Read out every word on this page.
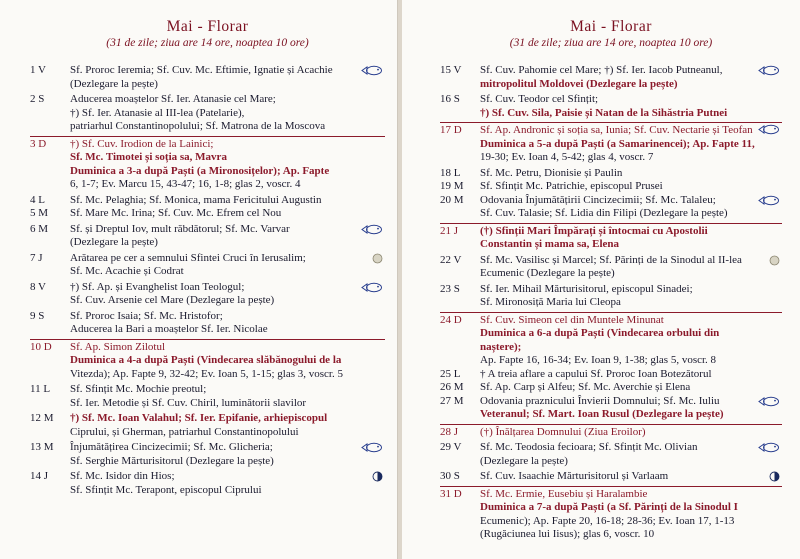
Mai - Florar
(31 de zile; ziua are 14 ore, noaptea 10 ore)
1 V	Sf. Proroc Ieremia; Sf. Cuv. Mc. Eftimie, Ignatie și Acachie
(Dezlegare la pește)
2 S	Aducerea moaștelor Sf. Ier. Atanasie cel Mare;
†) Sf. Ier. Atanasie al III-lea (Patelarie),
patriarhul Constantinopolului; Sf. Matrona de la Moscova
3 D	†) Sf. Cuv. Irodion de la Lainici;
Sf. Mc. Timotei și soția sa, Mavra
Duminica a 3-a după Paști (a Mironosițelor); Ap. Fapte
6, 1-7; Ev. Marcu 15, 43-47; 16, 1-8; glas 2, voscr. 4
4 L	Sf. Mc. Pelaghia; Sf. Monica, mama Fericitului Augustin
5 M	Sf. Mare Mc. Irina; Sf. Cuv. Mc. Efrem cel Nou
6 M	Sf. și Dreptul Iov, mult răbdătorul; Sf. Mc. Varvar
(Dezlegare la pește)
7 J	Arătarea pe cer a semnului Sfintei Cruci în Ierusalim;
Sf. Mc. Acachie și Codrat
8 V	†) Sf. Ap. și Evanghelist Ioan Teologul;
Sf. Cuv. Arsenie cel Mare (Dezlegare la pește)
9 S	Sf. Proroc Isaia; Sf. Mc. Hristofor;
Aducerea la Bari a moaștelor Sf. Ier. Nicolae
10 D	Sf. Ap. Simon Zilotul
Duminica a 4-a după Paști (Vindecarea slăbănogului de la
Vitezda); Ap. Fapte 9, 32-42; Ev. Ioan 5, 1-15; glas 3, voscr. 5
11 L	Sf. Sfințit Mc. Mochie preotul;
Sf. Ier. Metodie și Sf. Cuv. Chiril, luminătorii slavilor
12 M	†) Sf. Mc. Ioan Valahul; Sf. Ier. Epifanie, arhiepiscopul
Ciprului, și Gherman, patriarhul Constantinopolului
13 M	Înjumătățirea Cincizecimii; Sf. Mc. Glicheria;
Sf. Serghie Mărturisitorul (Dezlegare la pește)
14 J	Sf. Mc. Isidor din Hios;
Sf. Sfințit Mc. Terapont, episcopul Ciprului
Mai - Florar
(31 de zile; ziua are 14 ore, noaptea 10 ore)
15 V	Sf. Cuv. Pahomie cel Mare; †) Sf. Ier. Iacob Putneanul,
mitropolitul Moldovei (Dezlegare la pește)
16 S	Sf. Cuv. Teodor cel Sfințit;
†) Sf. Cuv. Sila, Paisie și Natan de la Sihăstria Putnei
17 D	Sf. Ap. Andronic și soția sa, Iunia; Sf. Cuv. Nectarie și Teofan
Duminica a 5-a după Paști (a Samarinencei); Ap. Fapte 11,
19-30; Ev. Ioan 4, 5-42; glas 4, voscr. 7
18 L	Sf. Mc. Petru, Dionisie și Paulin
19 M	Sf. Sfințit Mc. Patrichie, episcopul Prusei
20 M	Odovania Înjumătățirii Cincizecimii; Sf. Mc. Talaleu;
Sf. Cuv. Talasie; Sf. Lidia din Filipi (Dezlegare la pește)
21 J	(†) Sfinții Mari Împărați și întocmai cu Apostolii
Constantin și mama sa, Elena
22 V	Sf. Mc. Vasilisc și Marcel; Sf. Părinți de la Sinodul al II-lea
Ecumenic (Dezlegare la pește)
23 S	Sf. Ier. Mihail Mărturisitorul, episcopul Sinadei;
Sf. Mironosiță Maria lui Cleopa
24 D	Sf. Cuv. Simeon cel din Muntele Minunat
Duminica a 6-a după Paști (Vindecarea orbului din naștere);
Ap. Fapte 16, 16-34; Ev. Ioan 9, 1-38; glas 5, voscr. 8
25 L	† A treia aflare a capului Sf. Proroc Ioan Botezătorul
26 M	Sf. Ap. Carp și Alfeu; Sf. Mc. Averchie și Elena
27 M	Odovania praznicului Învierii Domnului; Sf. Mc. Iuliu
Veteranul; Sf. Mart. Ioan Rusul (Dezlegare la pește)
28 J	(†) Înălțarea Domnului (Ziua Eroilor)
29 V	Sf. Mc. Teodosia fecioara; Sf. Sfințit Mc. Olivian
(Dezlegare la pește)
30 S	Sf. Cuv. Isaachie Mărturisitorul și Varlaam
31 D	Sf. Mc. Ermie, Eusebiu și Haralambie
Duminica a 7-a după Paști (a Sf. Părinți de la Sinodul I
Ecumenic); Ap. Fapte 20, 16-18; 28-36; Ev. Ioan 17, 1-13
(Rugăciunea lui Iisus); glas 6, voscr. 10
